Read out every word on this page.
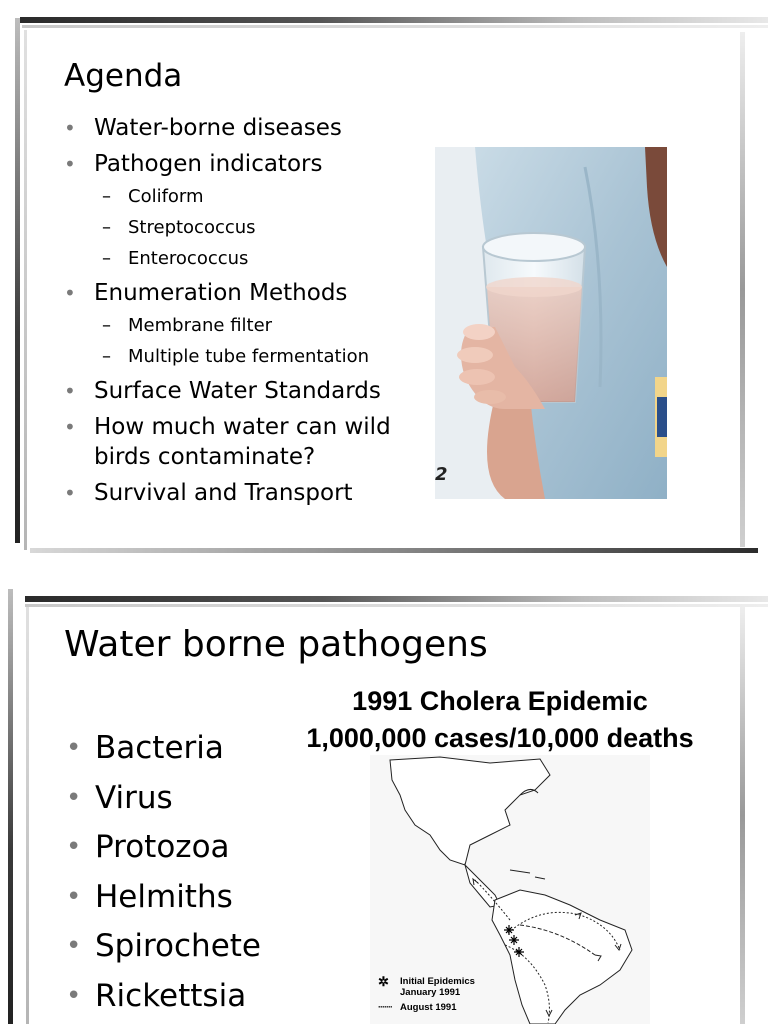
Agenda
• Water-borne diseases
• Pathogen indicators
– Coliform
– Streptococcus
– Enterococcus
• Enumeration Methods
– Membrane filter
– Multiple tube fermentation
• Surface Water Standards
• How much water can wild birds contaminate?
• Survival and Transport
2
Water borne pathogens
• Bacteria
• Virus
• Protozoa
• Helmiths
• Spirochete
• Rickettsia
1991 Cholera Epidemic
1,000,000 cases/10,000 deaths
✲	Initial Epidemics
January 1991
······· August 1991
